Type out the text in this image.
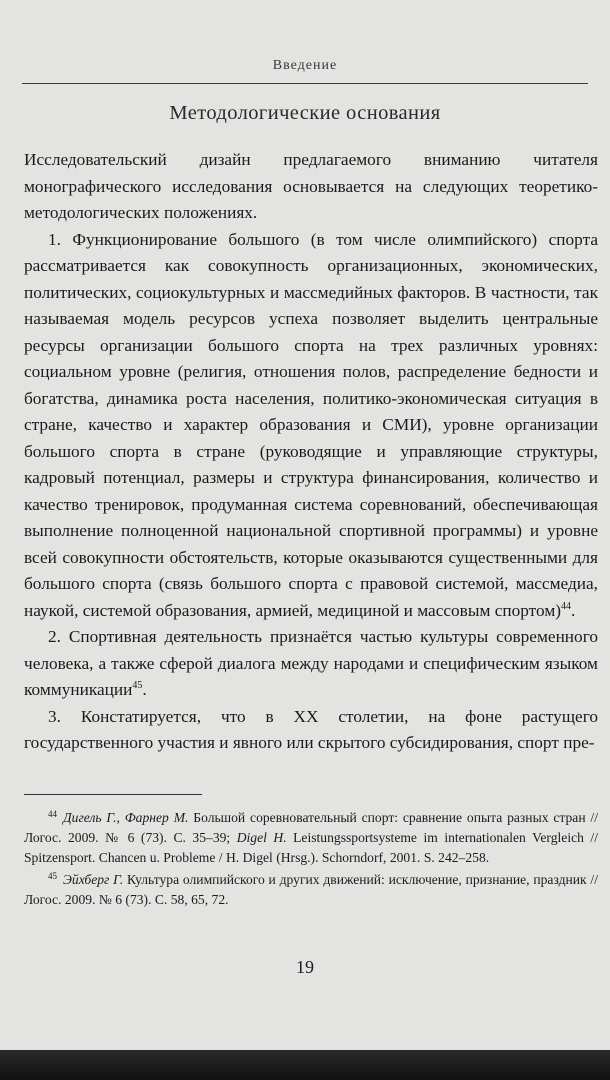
Введение
Методологические основания

Исследовательский дизайн предлагаемого вниманию читателя монографического исследования основывается на следующих теоретико-методологических положениях.

1. Функционирование большого (в том числе олимпийского) спорта рассматривается как совокупность организационных, экономических, политических, социокультурных и массмедийных факторов. В частности, так называемая модель ресурсов успеха позволяет выделить центральные ресурсы организации большого спорта на трех различных уровнях: социальном уровне (религия, отношения полов, распределение бедности и богатства, динамика роста населения, политико-экономическая ситуация в стране, качество и характер образования и СМИ), уровне организации большого спорта в стране (руководящие и управляющие структуры, кадровый потенциал, размеры и структура финансирования, количество и качество тренировок, продуманная система соревнований, обеспечивающая выполнение полноценной национальной спортивной программы) и уровне всей совокупности обстоятельств, которые оказываются существенными для большого спорта (связь большого спорта с правовой системой, массмедиа, наукой, системой образования, армией, медициной и массовым спортом)$^{44}$.

2. Спортивная деятельность признаётся частью культуры современного человека, а также сферой диалога между народами и специфическим языком коммуникации$^{45}$.

3. Констатируется, что в XX столетии, на фоне растущего государственного участия и явного или скрытого субсидирования, спорт пре-

$^{44}$ Дигель Г., Фарнер М. Большой соревновательный спорт: сравнение опыта разных стран // Логос. 2009. № 6 (73). С. 35–39; Digel H. Leistungssportsysteme im internationalen Vergleich // Spitzensport. Chancen u. Probleme / H. Digel (Hrsg.). Schorndorf, 2001. S. 242–258.

$^{45}$ Эйхберг Г. Культура олимпийского и других движений: исключение, признание, праздник // Логос. 2009. № 6 (73). С. 58, 65, 72.

19
